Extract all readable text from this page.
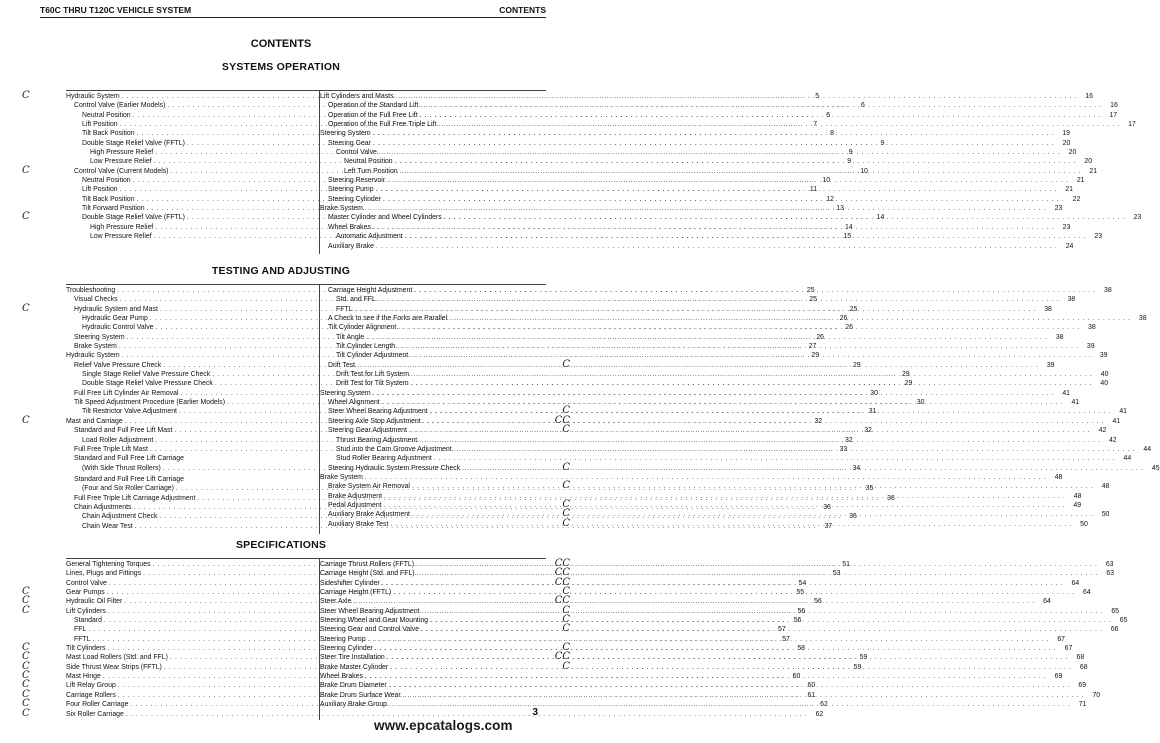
T60C THRU T120C VEHICLE SYSTEM	CONTENTS
CONTENTS
SYSTEMS OPERATION
Hydraulic System . . .	5
C
Control Valve (Earlier Models) . . .	6
Neutral Position . . .	6
Lift Position . . .	7
Tilt Back Position . . .	8
Double Stage Relief Valve (FFTL) . . .	9
High Pressure Relief . . .	9
Low Pressure Relief . . .	9
Control Valve (Current Models) . . .	10
C
Neutral Position . . .	10
Lift Position . . .	11
Tilt Back Position . . .	12
Tilt Forward Position . . .	13
Double Stage Relief Valve (FFTL) . . .	14
C
High Pressure Relief . . .	14
Low Pressure Relief . . .	15
Lift Cylinders and Masts . . .	16
Operation of the Standard Lift . . .	16
Operation of the Full Free Lift . . .	17
Operation of the Full Free Triple Lift . . .	17
Steering System . . .	19
Steering Gear . . .	20
Control Valve . . .	20
Neutral Position . . .	20
Left Turn Position . . .	21
Steering Reservoir . . .	21
Steering Pump . . .	21
Steering Cylinder . . .	22
Brake System . . .	23
Master Cylinder and Wheel Cylinders . . .	23
Wheel Brakes . . .	23
Automatic Adjustment . . .	23
Auxiliary Brake . . .	24
TESTING AND ADJUSTING
Troubleshooting . . .	25
Visual Checks . . .	25
Hydraulic System and Mast . . .	25
C
Hydraulic Gear Pump . . .	26
Hydraulic Control Valve . . .	26
Steering System . . .	26
Brake System . . .	27
Hydraulic System . . .	29
Relief Valve Pressure Check . . .	29
Single Stage Relief Valve Pressure Check . . .	29
Double Stage Relief Valve Pressure Check . . .	29
Full Free Lift Cylinder Air Removal . . .	30
Tilt Speed Adjustment Procedure (Earlier Models) . . .	30
Tilt Restrictor Valve Adjustment . . .	31
Mast and Carriage . . .	32
C
Standard and Full Free Lift Mast . . .	32
Load Roller Adjustment . . .	32
Full Free Triple Lift Mast . . .	33
Standard and Full Free Lift Carriage
(With Side Thrust Rollers) . . .	34
Standard and Full Free Lift Carriage
(Four and Six Roller Carriage) . . .	35
Full Free Triple Lift Carriage Adjustment . . .	36
Chain Adjustments . . .	36
Chain Adjustment Check . . .	36
Chain Wear Test . . .	37
Carriage Height Adjustment . . .	38
Std. and FFL . . .	38
FFTL . . .	38
A Check to see if the Forks are Parallel . . .	38
Tilt Cylinder Alignment . . .	38
Tilt Angle . . .	38
Tilt Cylinder Length . . .	39
Tilt Cylinder Adjustment . . .	39
Drift Test . . .	39
C
Drift Test for Lift System . . .	40
Drift Test for Tilt System . . .	40
Steering System . . .	41
Wheel Alignment . . .	41
Steer Wheel Bearing Adjustment . . .	41
C
Steering Axle Stop Adjustment . . .	41
CC
Steering Gear Adjustment . . .	42
C
Thrust Bearing Adjustment . . .	42
Stud into the Cam Groove Adjustment . . .	44
Stud Roller Bearing Adjustment . . .	44
Steering Hydraulic System Pressure Check . . .	45
C
Brake System . . .	48
Brake System Air Removal . . .	48
C
Brake Adjustment . . .	48
Pedal Adjustment . . .	49
C
Auxiliary Brake Adjustment . . .	50
C
Auxiliary Brake Test . . .	50
C
SPECIFICATIONS
General Tightening Torques . . .	51
Lines, Plugs and Fittings . . .	53
Control Valve . . .	54
Gear Pumps . . .	55
C
Hydraulic Oil Filter . . .	56
C
Lift Cylinders . . .	56
C
Standard . . .	56
FFL . . .	57
FFTL . . .	57
Tilt Cylinders . . .	58
C
Mast Load Rollers (Std. and FFL) . . .	59
C
Side Thrust Wear Strips (FFTL) . . .	59
C
Mast Hinge . . .	60
C
Lift Relay Group . . .	60
C
Carriage Rollers . . .	61
C
Four Roller Carriage . . .	62
C
Six Roller Carriage . . .	62
C
Carriage Thrust Rollers (FFTL) . . .	63
CC
Carriage Height (Std. and FFL) . . .	63
CC
Sideshifter Cylinder . . .	64
CC
Carriage Height (FFTL) . . .	64
C
Steer Axle . . .	64
CC
Steer Wheel Bearing Adjustment . . .	65
C
Steering Wheel and Gear Mounting . . .	65
C
Steering Gear and Control Valve . . .	66
C
Steering Pump . . .	67
Steering Cylinder . . .	67
C
Steer Tire Installation . . .	68
CC
Brake Master Cylinder . . .	68
C
Wheel Brakes . . .	69
Brake Drum Diameter . . .	69
Brake Drum Surface Wear . . .	70
Auxiliary Brake Group . . .	71
3
www.epcatalogs.com
